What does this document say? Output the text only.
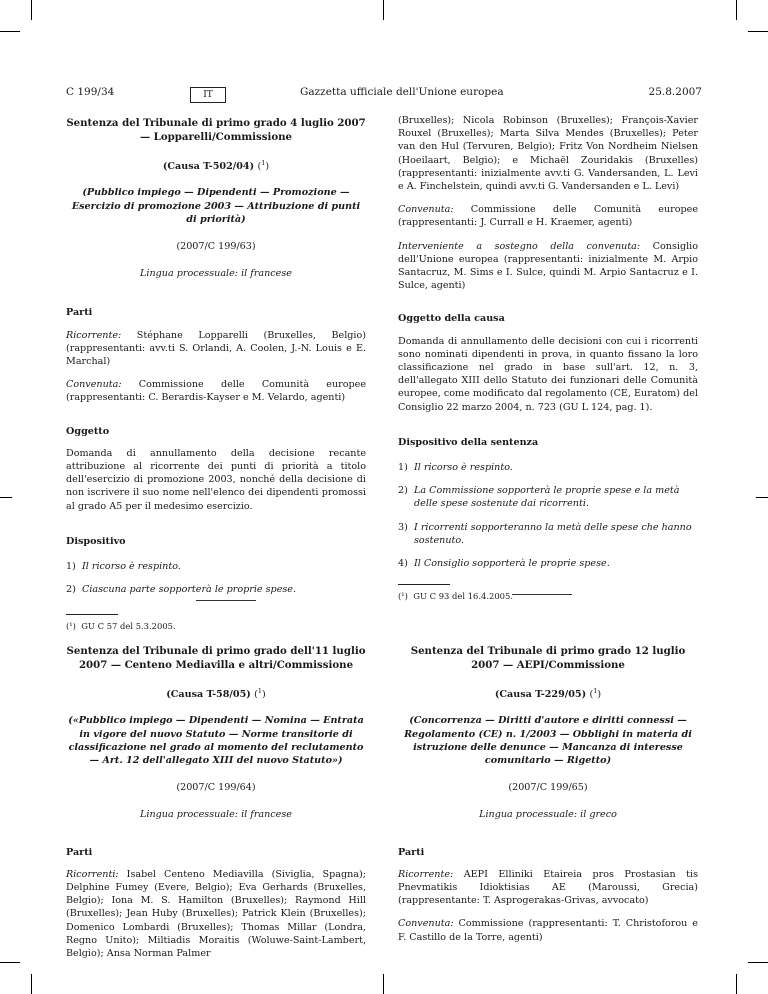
C 199/34	IT	Gazzetta ufficiale dell'Unione europea	25.8.2007
Sentenza del Tribunale di primo grado 4 luglio 2007 — Lopparelli/Commissione
(Causa T-502/04) ($^1$)
(Pubblico impiego — Dipendenti — Promozione — Esercizio di promozione 2003 — Attribuzione di punti di priorità)
(2007/C 199/63)
Lingua processuale: il francese
Parti

Ricorrente: Stéphane Lopparelli (Bruxelles, Belgio) (rappresentanti: avv.ti S. Orlandi, A. Coolen, J.-N. Louis e E. Marchal)

Convenuta: Commissione delle Comunità europee (rappresentanti: C. Berardis-Kayser e M. Velardo, agenti)

Oggetto

Domanda di annullamento della decisione recante attribuzione al ricorrente dei punti di priorità a titolo dell'esercizio di promozione 2003, nonché della decisione di non iscrivere il suo nome nell'elenco dei dipendenti promossi al grado A5 per il medesimo esercizio.

Dispositivo
1) Il ricorso è respinto.
2) Ciascuna parte sopporterà le proprie spese.
(¹) GU C 57 del 5.3.2005.

(Bruxelles); Nicola Robinson (Bruxelles); François-Xavier Rouxel (Bruxelles); Marta Silva Mendes (Bruxelles); Peter van den Hul (Tervuren, Belgio); Fritz Von Nordheim Nielsen (Hoeilaart, Belgio); e Michaël Zouridakis (Bruxelles) (rappresentanti: inizialmente avv.ti G. Vandersanden, L. Levi e A. Finchelstein, quindi avv.ti G. Vandersanden e L. Levi)

Convenuta: Commissione delle Comunità europee (rappresentanti: J. Currall e H. Kraemer, agenti)

Interveniente a sostegno della convenuta: Consiglio dell'Unione europea (rappresentanti: inizialmente M. Arpio Santacruz, M. Sims e I. Sulce, quindi M. Arpio Santacruz e I. Sulce, agenti)

Oggetto della causa

Domanda di annullamento delle decisioni con cui i ricorrenti sono nominati dipendenti in prova, in quanto fissano la loro classificazione nel grado in base sull'art. 12, n. 3, dell'allegato XIII dello Statuto dei funzionari delle Comunità europee, come modificato dal regolamento (CE, Euratom) del Consiglio 22 marzo 2004, n. 723 (GU L 124, pag. 1).

Dispositivo della sentenza
1) Il ricorso è respinto.
2) La Commissione sopporterà le proprie spese e la metà delle spese sostenute dai ricorrenti.
3) I ricorrenti sopporteranno la metà delle spese che hanno sostenuto.
4) Il Consiglio sopporterà le proprie spese.
(¹) GU C 93 del 16.4.2005.
Sentenza del Tribunale di primo grado dell'11 luglio 2007 — Centeno Mediavilla e altri/Commissione
(Causa T-58/05) ($^1$)
(«Pubblico impiego — Dipendenti — Nomina — Entrata in vigore del nuovo Statuto — Norme transitorie di classificazione nel grado al momento del reclutamento — Art. 12 dell'allegato XIII del nuovo Statuto»)
(2007/C 199/64)
Lingua processuale: il francese
Parti

Ricorrenti: Isabel Centeno Mediavilla (Siviglia, Spagna); Delphine Fumey (Evere, Belgio); Eva Gerhards (Bruxelles, Belgio); Iona M. S. Hamilton (Bruxelles); Raymond Hill (Bruxelles); Jean Huby (Bruxelles); Patrick Klein (Bruxelles); Domenico Lombardi (Bruxelles); Thomas Millar (Londra, Regno Unito); Miltiadis Moraitis (Woluwe-Saint-Lambert, Belgio); Ansa Norman Palmer

Sentenza del Tribunale di primo grado 12 luglio 2007 — AEPI/Commissione
(Causa T-229/05) ($^1$)
(Concorrenza — Diritti d'autore e diritti connessi — Regolamento (CE) n. 1/2003 — Obblighi in materia di istruzione delle denunce — Mancanza di interesse comunitario — Rigetto)
(2007/C 199/65)
Lingua processuale: il greco
Parti

Ricorrente: AEPI Elliniki Etaireia pros Prostasian tis Pnevmatikis Idioktisias AE (Maroussi, Grecia) (rappresentante: T. Asprogerakas-Grivas, avvocato)

Convenuta: Commissione (rappresentanti: T. Christoforou e F. Castillo de la Torre, agenti)
